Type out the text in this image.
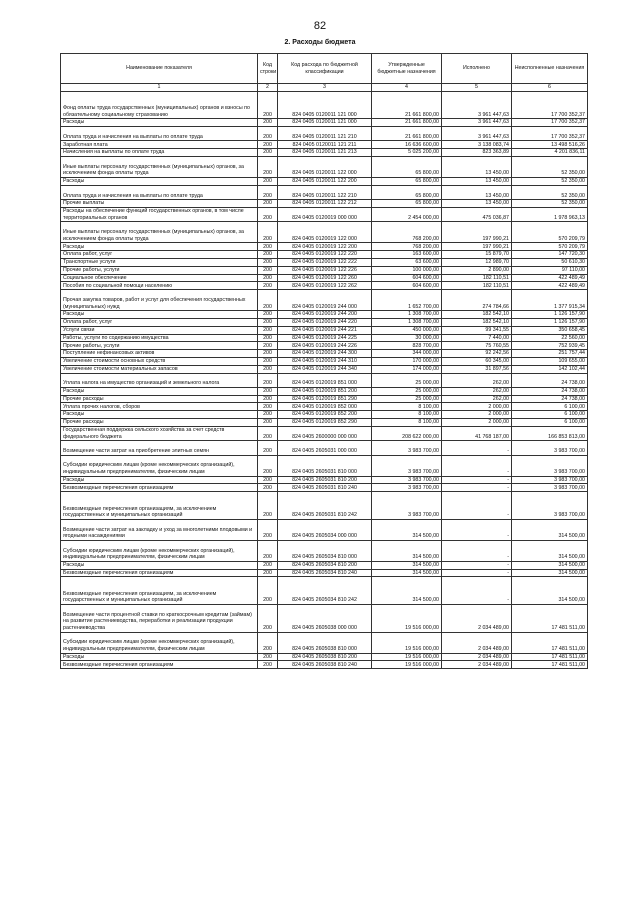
82
2. Расходы бюджета
Наименование показателя	Код строки	Код расхода по бюджетной классификации	Утвержденные бюджетные назначения	Исполнено	Неисполненные назначения
1	2	3	4	5	6
Фонд оплаты труда государственных (муниципальных) органов и взносы по обязательному социальному страхованию	200	824 0405 0120011 121 000	21 661 800,00	3 961 447,63	17 700 352,37
Расходы	200	824 0405 0120011 121 000	21 661 800,00	3 961 447,63	17 700 352,37
Оплата труда и начисления на выплаты по оплате труда	200	824 0405 0120011 121 210	21 661 800,00	3 961 447,63	17 700 352,37
Заработная плата	200	824 0405 0120011 121 211	16 636 600,00	3 138 083,74	13 498 516,26
Начисления на выплаты по оплате труда	200	824 0405 0120011 121 213	5 025 200,00	823 363,89	4 201 836,11
Иные выплаты персоналу государственных (муниципальных) органов, за исключением фонда оплаты труда	200	824 0405 0120011 122 000	65 800,00	13 450,00	52 350,00
Расходы	200	824 0405 0120011 122 200	65 800,00	13 450,00	52 350,00
Оплата труда и начисления на выплаты по оплате труда	200	824 0405 0120011 122 210	65 800,00	13 450,00	52 350,00
Прочие выплаты	200	824 0405 0120011 122 212	65 800,00	13 450,00	52 350,00
Расходы на обеспечение функций государственных органов, в том числе территориальных органов	200	824 0405 0120019 000 000	2 454 000,00	475 036,87	1 978 963,13
Иные выплаты персоналу государственных (муниципальных) органов, за исключением фонда оплаты труда	200	824 0405 0120019 122 000	768 200,00	197 990,21	570 209,79
Расходы	200	824 0405 0120019 122 200	768 200,00	197 990,21	570 209,79
Оплата работ, услуг	200	824 0405 0120019 122 220	163 600,00	15 879,70	147 720,30
Транспортные услуги	200	824 0405 0120019 122 222	63 600,00	12 989,70	50 610,30
Прочие работы, услуги	200	824 0405 0120019 122 226	100 000,00	2 890,00	97 110,00
Социальное обеспечение	200	824 0405 0120019 122 260	604 600,00	182 110,51	422 489,49
Пособия по социальной помощи населению	200	824 0405 0120019 122 262	604 600,00	182 110,51	422 489,49
Прочая закупка товаров, работ и услуг для обеспечения государственных (муниципальных) нужд	200	824 0405 0120019 244 000	1 652 700,00	274 784,66	1 377 915,34
Расходы	200	824 0405 0120019 244 200	1 308 700,00	182 542,10	1 126 157,90
Оплата работ, услуг	200	824 0405 0120019 244 220	1 308 700,00	182 542,10	1 126 157,90
Услуги связи	200	824 0405 0120019 244 221	450 000,00	99 341,55	350 658,45
Работы, услуги по содержанию имущества	200	824 0405 0120019 244 225	30 000,00	7 440,00	22 560,00
Прочие работы, услуги	200	824 0405 0120019 244 226	828 700,00	75 760,55	752 939,45
Поступление нефинансовых активов	200	824 0405 0120019 244 300	344 000,00	92 242,56	251 757,44
Увеличение стоимости основных средств	200	824 0405 0120019 244 310	170 000,00	60 345,00	109 655,00
Увеличение стоимости материальных запасов	200	824 0405 0120019 244 340	174 000,00	31 897,56	142 102,44
Уплата налога на имущество организаций и земельного налога	200	824 0405 0120019 851 000	25 000,00	262,00	24 738,00
Расходы	200	824 0405 0120019 851 200	25 000,00	262,00	24 738,00
Прочие расходы	200	824 0405 0120019 851 290	25 000,00	262,00	24 738,00
Уплата прочих налогов, сборов	200	824 0405 0120019 852 000	8 100,00	2 000,00	6 100,00
Расходы	200	824 0405 0120019 852 200	8 100,00	2 000,00	6 100,00
Прочие расходы	200	824 0405 0120019 852 290	8 100,00	2 000,00	6 100,00
Государственная поддержка сельского хозяйства за счет средств федерального бюджета	200	824 0405 2600000 000 000	208 622 000,00	41 768 187,00	166 853 813,00
Возмещение части затрат на приобретение элитных семян	200	824 0405 2605031 000 000	3 983 700,00	-	3 983 700,00
Субсидии юридическим лицам (кроме некоммерческих организаций), индивидуальным предпринимателям, физическим лицам	200	824 0405 2605031 810 000	3 983 700,00	-	3 983 700,00
Расходы	200	824 0405 2605031 810 200	3 983 700,00	-	3 983 700,00
Безвозмездные перечисления организациям	200	824 0405 2605031 810 240	3 983 700,00	-	3 983 700,00
Безвозмездные перечисления организациям, за исключением государственных и муниципальных организаций	200	824 0405 2605031 810 242	3 983 700,00	-	3 983 700,00
Возмещение части затрат на закладку и уход за многолетними плодовыми и ягодными насаждениями	200	824 0405 2605034 000 000	314 500,00	-	314 500,00
Субсидии юридическим лицам (кроме некоммерческих организаций), индивидуальным предпринимателям, физическим лицам	200	824 0405 2605034 810 000	314 500,00	-	314 500,00
Расходы	200	824 0405 2605034 810 200	314 500,00	-	314 500,00
Безвозмездные перечисления организациям	200	824 0405 2605034 810 240	314 500,00	-	314 500,00
Безвозмездные перечисления организациям, за исключением государственных и муниципальных организаций	200	824 0405 2605034 810 242	314 500,00	-	314 500,00
Возмещение части процентной ставки по краткосрочным кредитам (займам) на развитие растениеводства, переработки и реализации продукции растениеводства	200	824 0405 2605038 000 000	19 516 000,00	2 034 489,00	17 481 511,00
Субсидии юридическим лицам (кроме некоммерческих организаций), индивидуальным предпринимателям, физическим лицам	200	824 0405 2605038 810 000	19 516 000,00	2 034 489,00	17 481 511,00
Расходы	200	824 0405 2605038 810 200	19 516 000,00	2 034 489,00	17 481 511,00
Безвозмездные перечисления организациям	200	824 0405 2605038 810 240	19 516 000,00	2 034 489,00	17 481 511,00
